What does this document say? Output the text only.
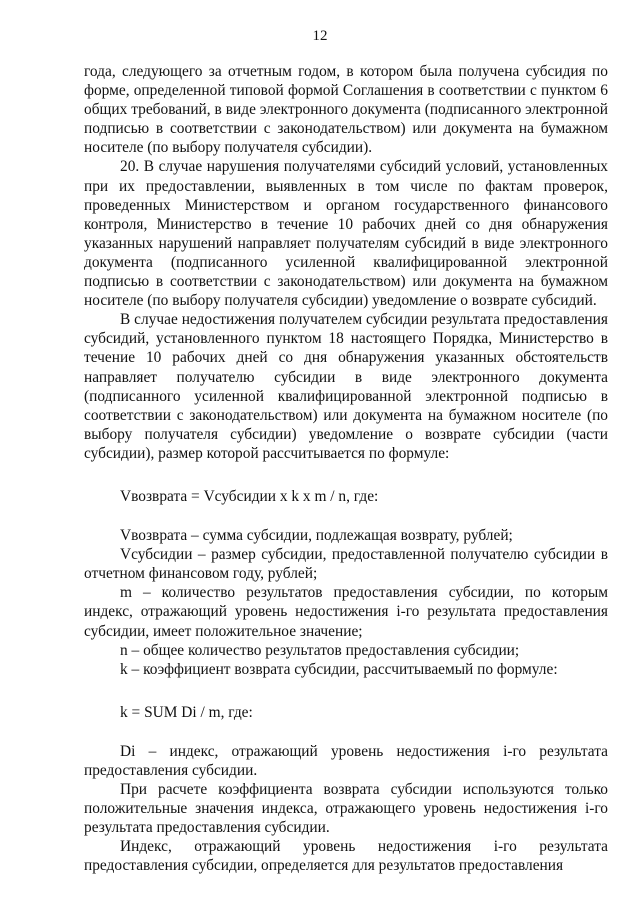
12

года, следующего за отчетным годом, в котором была получена субсидия по форме, определенной типовой формой Соглашения в соответствии с пунктом 6 общих требований, в виде электронного документа (подписанного электронной подписью в соответствии с законодательством) или документа на бумажном носителе (по выбору получателя субсидии).

20. В случае нарушения получателями субсидий условий, установленных при их предоставлении, выявленных в том числе по фактам проверок, проведенных Министерством и органом государственного финансового контроля, Министерство в течение 10 рабочих дней со дня обнаружения указанных нарушений направляет получателям субсидий в виде электронного документа (подписанного усиленной квалифицированной электронной подписью в соответствии с законодательством) или документа на бумажном носителе (по выбору получателя субсидии) уведомление о возврате субсидий.

В случае недостижения получателем субсидии результата предоставления субсидий, установленного пунктом 18 настоящего Порядка, Министерство в течение 10 рабочих дней со дня обнаружения указанных обстоятельств направляет получателю субсидии в виде электронного документа (подписанного усиленной квалифицированной электронной подписью в соответствии с законодательством) или документа на бумажном носителе (по выбору получателя субсидии) уведомление о возврате субсидии (части субсидии), размер которой рассчитывается по формуле:

Vвозврата = Vсубсидии x k x m / n, где:

Vвозврата – сумма субсидии, подлежащая возврату, рублей;

Vсубсидии – размер субсидии, предоставленной получателю субсидии в отчетном финансовом году, рублей;

m – количество результатов предоставления субсидии, по которым индекс, отражающий уровень недостижения i-го результата предоставления субсидии, имеет положительное значение;

n – общее количество результатов предоставления субсидии;

k – коэффициент возврата субсидии, рассчитываемый по формуле:

k = SUM Di / m, где:

Di – индекс, отражающий уровень недостижения i-го результата предоставления субсидии.

При расчете коэффициента возврата субсидии используются только положительные значения индекса, отражающего уровень недостижения i-го результата предоставления субсидии.

Индекс, отражающий уровень недостижения i-го результата предоставления субсидии, определяется для результатов предоставления
